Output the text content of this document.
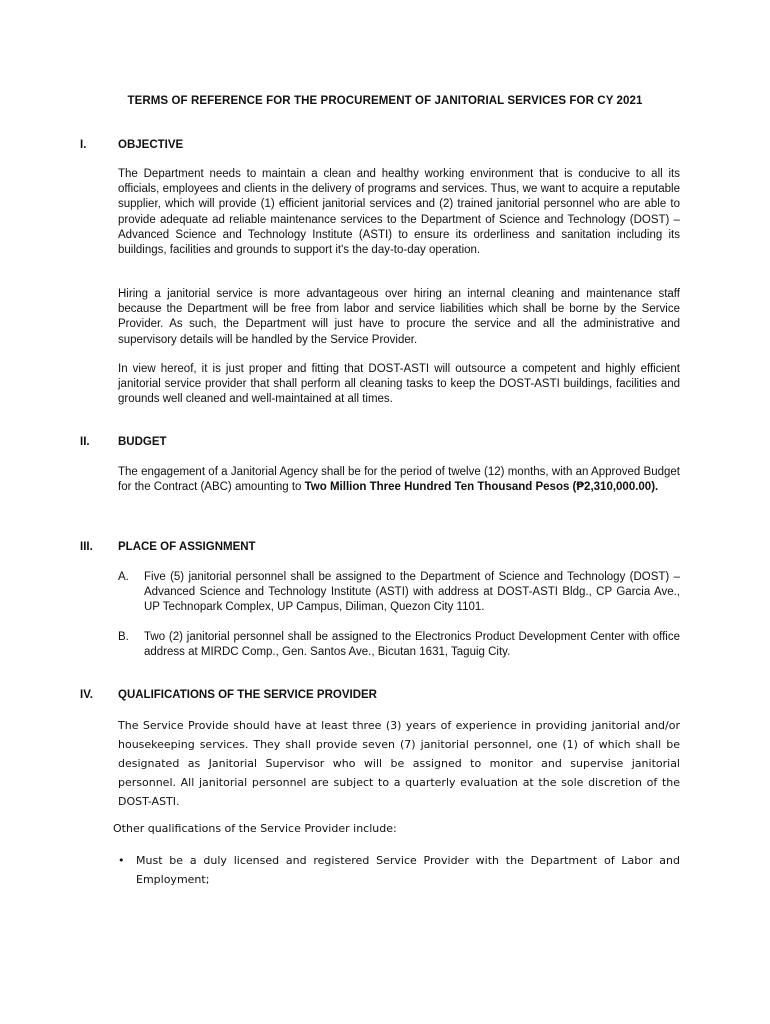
TERMS OF REFERENCE FOR THE PROCUREMENT OF JANITORIAL SERVICES FOR CY 2021
I.	OBJECTIVE

The Department needs to maintain a clean and healthy working environment that is conducive to all its officials, employees and clients in the delivery of programs and services. Thus, we want to acquire a reputable supplier, which will provide (1) efficient janitorial services and (2) trained janitorial personnel who are able to provide adequate ad reliable maintenance services to the Department of Science and Technology (DOST) – Advanced Science and Technology Institute (ASTI) to ensure its orderliness and sanitation including its buildings, facilities and grounds to support it's the day-to-day operation.

Hiring a janitorial service is more advantageous over hiring an internal cleaning and maintenance staff because the Department will be free from labor and service liabilities which shall be borne by the Service Provider. As such, the Department will just have to procure the service and all the administrative and supervisory details will be handled by the Service Provider.

In view hereof, it is just proper and fitting that DOST-ASTI will outsource a competent and highly efficient janitorial service provider that shall perform all cleaning tasks to keep the DOST-ASTI buildings, facilities and grounds well cleaned and well-maintained at all times.

II. BUDGET

The engagement of a Janitorial Agency shall be for the period of twelve (12) months, with an Approved Budget for the Contract (ABC) amounting to Two Million Three Hundred Ten Thousand Pesos (₱2,310,000.00).

III. PLACE OF ASSIGNMENT
A. Five (5) janitorial personnel shall be assigned to the Department of Science and Technology (DOST) – Advanced Science and Technology Institute (ASTI) with address at DOST-ASTI Bldg., CP Garcia Ave., UP Technopark Complex, UP Campus, Diliman, Quezon City 1101.
B. Two (2) janitorial personnel shall be assigned to the Electronics Product Development Center with office address at MIRDC Comp., Gen. Santos Ave., Bicutan 1631, Taguig City.
IV. QUALIFICATIONS OF THE SERVICE PROVIDER

The Service Provide should have at least three (3) years of experience in providing janitorial and/or housekeeping services. They shall provide seven (7) janitorial personnel, one (1) of which shall be designated as Janitorial Supervisor who will be assigned to monitor and supervise janitorial personnel. All janitorial personnel are subject to a quarterly evaluation at the sole discretion of the DOST-ASTI.

Other qualifications of the Service Provider include:
• Must be a duly licensed and registered Service Provider with the Department of Labor and Employment;
